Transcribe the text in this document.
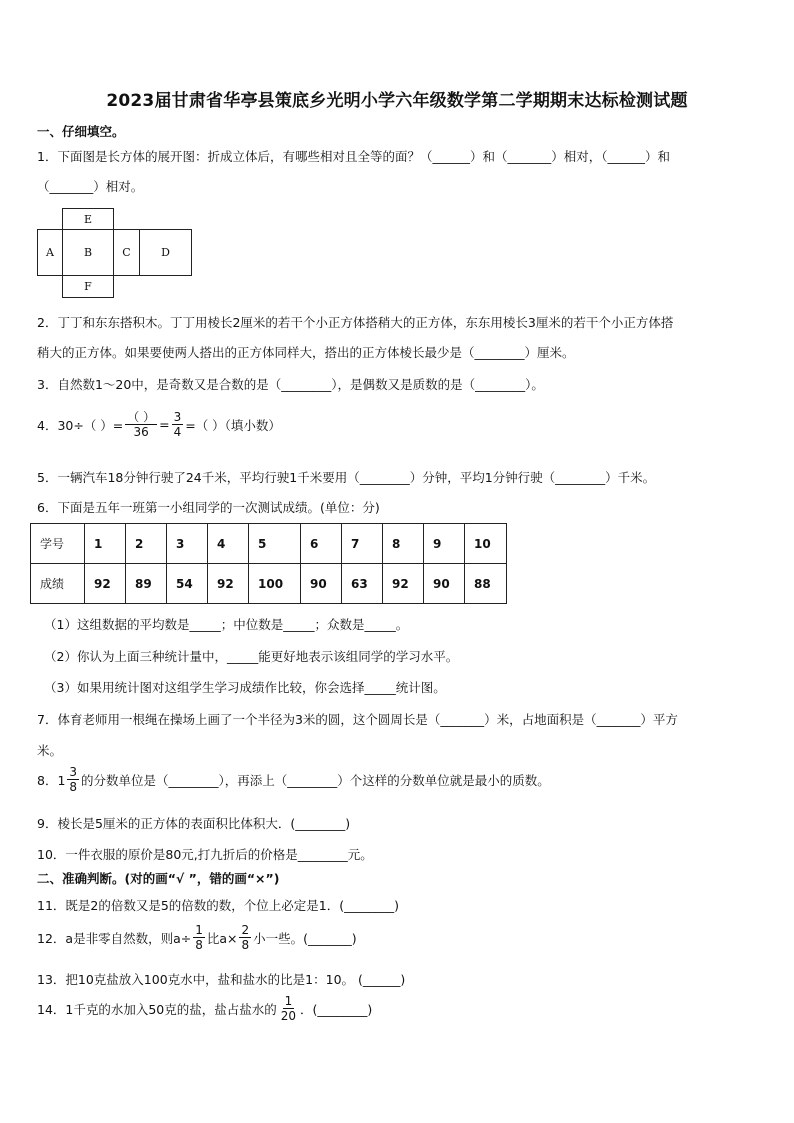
2023届甘肃省华亭县策底乡光明小学六年级数学第二学期期末达标检测试题
一、仔细填空。
1．下面图是长方体的展开图：折成立体后，有哪些相对且全等的面？（______）和（_______）相对，（______）和
（_______）相对。
E
A	B	C	D
F
2．丁丁和东东搭积木。丁丁用棱长2厘米的若干个小正方体搭稍大的正方体，东东用棱长3厘米的若干个小正方体搭
稍大的正方体。如果要使两人搭出的正方体同样大，搭出的正方体棱长最少是（________）厘米。
3．自然数1～20中，是奇数又是合数的是（________），是偶数又是质数的是（________）。
4． 30÷（ ）= $\frac{( )}{36} = \frac{3}{4}$ =（ ）（填小数）
5．一辆汽车18分钟行驶了24千米，平均行驶1千米要用（________）分钟，平均1分钟行驶（________）千米。
6．下面是五年一班第一小组同学的一次测试成绩。(单位：分)
学号	1	2	3	4	5	6	7	8	9	10
成绩	92	89	54	92	100	90	63	92	90	88
（1）这组数据的平均数是_____；中位数是_____；众数是_____。
（2）你认为上面三种统计量中，_____能更好地表示该组同学的学习水平。
（3）如果用统计图对这组学生学习成绩作比较，你会选择_____统计图。
7．体育老师用一根绳在操场上画了一个半径为3米的圆，这个圆周长是（_______）米，占地面积是（_______）平方
米。
8．$1 \frac{3}{8}$ 的分数单位是（________），再添上（________）个这样的分数单位就是最小的质数。
9．棱长是5厘米的正方体的表面积比体积大．(________)
10．一件衣服的原价是80元,打九折后的价格是________元。
二、准确判断。(对的画“√ ”，错的画“×”)
11．既是2的倍数又是5的倍数的数，个位上必定是1．(________)
12．a是非零自然数，则$a\div \frac{1}{8}$ 比$a\times \frac{2}{8}$ 小一些。(_______)
13．把10克盐放入100克水中，盐和盐水的比是1：10。 (______)
14．1千克的水加入50克的盐，盐占盐水的 $\frac{1}{20}$ ．(________)
